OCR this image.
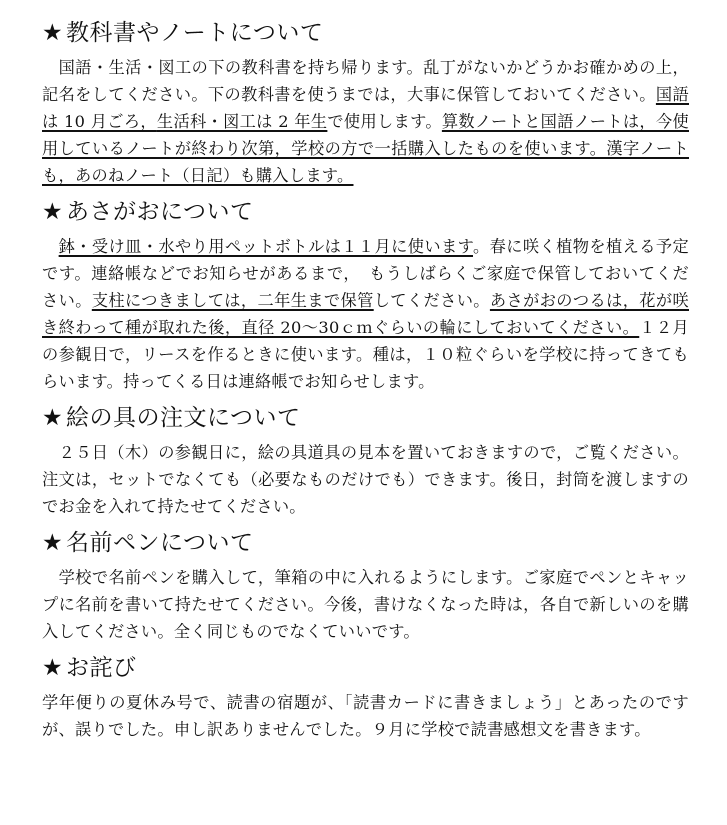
★ 教科書やノートについて

　国語・生活・図工の下の教科書を持ち帰ります。乱丁がないかどうかお確かめの上，記名をしてください。下の教科書を使うまでは，大事に保管しておいてください。国語は 10 月ごろ，生活科・図工は 2 年生で使用します。算数ノートと国語ノートは，今使用しているノートが終わり次第，学校の方で一括購入したものを使います。漢字ノートも，あのねノート（日記）も購入します。

★ あさがおについて

　鉢・受け皿・水やり用ペットボトルは１１月に使います。春に咲く植物を植える予定です。連絡帳などでお知らせがあるまで，　もうしばらくご家庭で保管しておいてください。支柱につきましては，二年生まで保管してください。あさがおのつるは，花が咲き終わって種が取れた後，直径 20～30ｃｍぐらいの輪にしておいてください。１２月の参観日で，リースを作るときに使います。種は，１０粒ぐらいを学校に持ってきてもらいます。持ってくる日は連絡帳でお知らせします。

★ 絵の具の注文について

　２５日（木）の参観日に，絵の具道具の見本を置いておきますので，ご覧ください。注文は，セットでなくても（必要なものだけでも）できます。後日，封筒を渡しますのでお金を入れて持たせてください。

★ 名前ペンについて

　学校で名前ペンを購入して，筆箱の中に入れるようにします。ご家庭でペンとキャップに名前を書いて持たせてください。今後，書けなくなった時は，各自で新しいのを購入してください。全く同じものでなくていいです。

★ お詫び

学年便りの夏休み号で、読書の宿題が、「読書カードに書きましょう」とあったのですが、誤りでした。申し訳ありませんでした。９月に学校で読書感想文を書きます。
